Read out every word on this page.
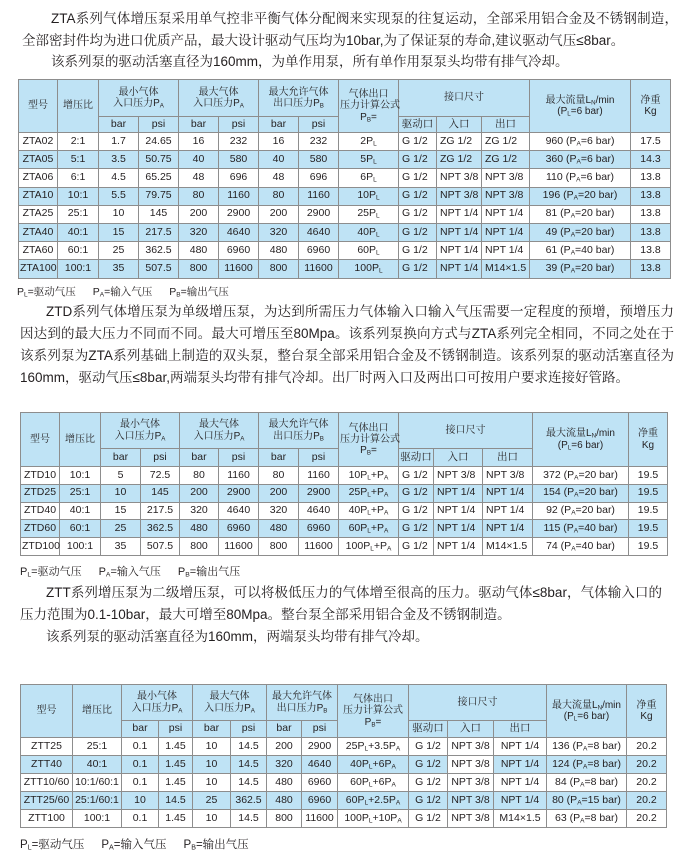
ZTA系列气体增压泵采用单气控非平衡气体分配阀来实现泵的往复运动，全部采用铝合金及不锈钢制造，
全部密封件均为进口优质产品，最大设计驱动气压均为10bar,为了保证泵的寿命,建议驱动气压≤8bar。
该系列泵的驱动活塞直径为160mm，为单作用泵，所有单作用泵泵头均带有排气冷却。
型号	增压比	最小气体
入口压力$P_A$		最大气体
入口压力$P_A$		最大允许气体
出口压力$P_B$		气体出口
压力计算公式
$P_B=$	接口尺寸			最大流量$L_N/\min$
($P_L=6$ bar)	净重
Kg
		bar	psi	bar	psi	bar	psi		驱动口	入口	出口		
ZTA02	2:1	1.7	24.65	16	232	16	232	$2P_L$	G 1/2	ZG 1/2	ZG 1/2	960 ($P_A=6$ bar)	17.5
ZTA05	5:1	3.5	50.75	40	580	40	580	$5P_L$	G 1/2	ZG 1/2	ZG 1/2	360 ($P_A=6$ bar)	14.3
ZTA06	6:1	4.5	65.25	48	696	48	696	$6P_L$	G 1/2	NPT 3/8	NPT 3/8	110 ($P_A=6$ bar)	13.8
ZTA10	10:1	5.5	79.75	80	1160	80	1160	$10P_L$	G 1/2	NPT 3/8	NPT 3/8	196 ($P_A=20$ bar)	13.8
ZTA25	25:1	10	145	200	2900	200	2900	$25P_L$	G 1/2	NPT 1/4	NPT 1/4	81 ($P_A=20$ bar)	13.8
ZTA40	40:1	15	217.5	320	4640	320	4640	$40P_L$	G 1/2	NPT 1/4	NPT 1/4	49 ($P_A=20$ bar)	13.8
ZTA60	60:1	25	362.5	480	6960	480	6960	$60P_L$	G 1/2	NPT 1/4	NPT 1/4	61 ($P_A=40$ bar)	13.8
ZTA100	100:1	35	507.5	800	11600	800	11600	$100P_L$	G 1/2	NPT 1/4	M14×1.5	39 ($P_A=20$ bar)	13.8
$P_L=$驱动气压 $P_A=$输入气压 $P_B=$输出气压
ZTD系列气体增压泵为单级增压泵，为达到所需压力气体输入口输入气压需要一定程度的预增，预增压力
因达到的最大压力不同而不同。最大可增压至80Mpa。该系列泵换向方式与ZTA系列完全相同，不同之处在于
该系列泵为ZTA系列基础上制造的双头泵，整台泵全部采用铝合金及不锈钢制造。该系列泵的驱动活塞直径为
160mm，驱动气压≤8bar,两端泵头均带有排气冷却。出厂时两入口及两出口可按用户要求连接好管路。
型号	增压比	最小气体
入口压力$P_A$		最大气体
入口压力$P_A$		最大允许气体
出口压力$P_B$		气体出口
压力计算公式
$P_B=$	接口尺寸			最大流量$L_N/\min$
($P_L=6$ bar)	净重
Kg
		bar	psi	bar	psi	bar	psi		驱动口	入口	出口		
ZTD10	10:1	5	72.5	80	1160	80	1160	$10P_L+P_A$	G 1/2	NPT 3/8	NPT 3/8	372 ($P_A=20$ bar)	19.5
ZTD25	25:1	10	145	200	2900	200	2900	$25P_L+P_A$	G 1/2	NPT 1/4	NPT 1/4	154 ($P_A=20$ bar)	19.5
ZTD40	40:1	15	217.5	320	4640	320	4640	$40P_L+P_A$	G 1/2	NPT 1/4	NPT 1/4	92 ($P_A=20$ bar)	19.5
ZTD60	60:1	25	362.5	480	6960	480	6960	$60P_L+P_A$	G 1/2	NPT 1/4	NPT 1/4	115 ($P_A=40$ bar)	19.5
ZTD100	100:1	35	507.5	800	11600	800	11600	$100P_L+P_A$	G 1/2	NPT 1/4	M14×1.5	74 ($P_A=40$ bar)	19.5
$P_L=$驱动气压 $P_A=$输入气压 $P_B=$输出气压
ZTT系列增压泵为二级增压泵，可以将极低压力的气体增至很高的压力。驱动气体≤8bar，气体输入口的
压力范围为0.1-10bar，最大可增至80Mpa。整台泵全部采用铝合金及不锈钢制造。
该系列泵的驱动活塞直径为160mm，两端泵头均带有排气冷却。
型号	增压比	最小气体
入口压力$P_A$		最大气体
入口压力$P_A$		最大允许气体
出口压力$P_B$		气体出口
压力计算公式
$P_B=$	接口尺寸			最大流量$L_N/\min$
($P_L=6$ bar)	净重
Kg
		bar	psi	bar	psi	bar	psi		驱动口	入口	出口		
ZTT25	25:1	0.1	1.45	10	14.5	200	2900	$25P_L+3.5P_A$	G 1/2	NPT 3/8	NPT 1/4	136 ($P_A=8$ bar)	20.2
ZTT40	40:1	0.1	1.45	10	14.5	320	4640	$40P_L+6P_A$	G 1/2	NPT 3/8	NPT 1/4	124 ($P_A=8$ bar)	20.2
ZTT10/60	10:1/60:1	0.1	1.45	10	14.5	480	6960	$60P_L+6P_A$	G 1/2	NPT 3/8	NPT 1/4	84 ($P_A=8$ bar)	20.2
ZTT25/60	25:1/60:1	10	14.5	25	362.5	480	6960	$60P_L+2.5P_A$	G 1/2	NPT 3/8	NPT 1/4	80 ($P_A=15$ bar)	20.2
ZTT100	100:1	0.1	1.45	10	14.5	800	11600	$100P_L+10P_A$	G 1/2	NPT 3/8	M14×1.5	63 ($P_A=8$ bar)	20.2
$P_L=$驱动气压 $P_A=$输入气压 $P_B=$输出气压
